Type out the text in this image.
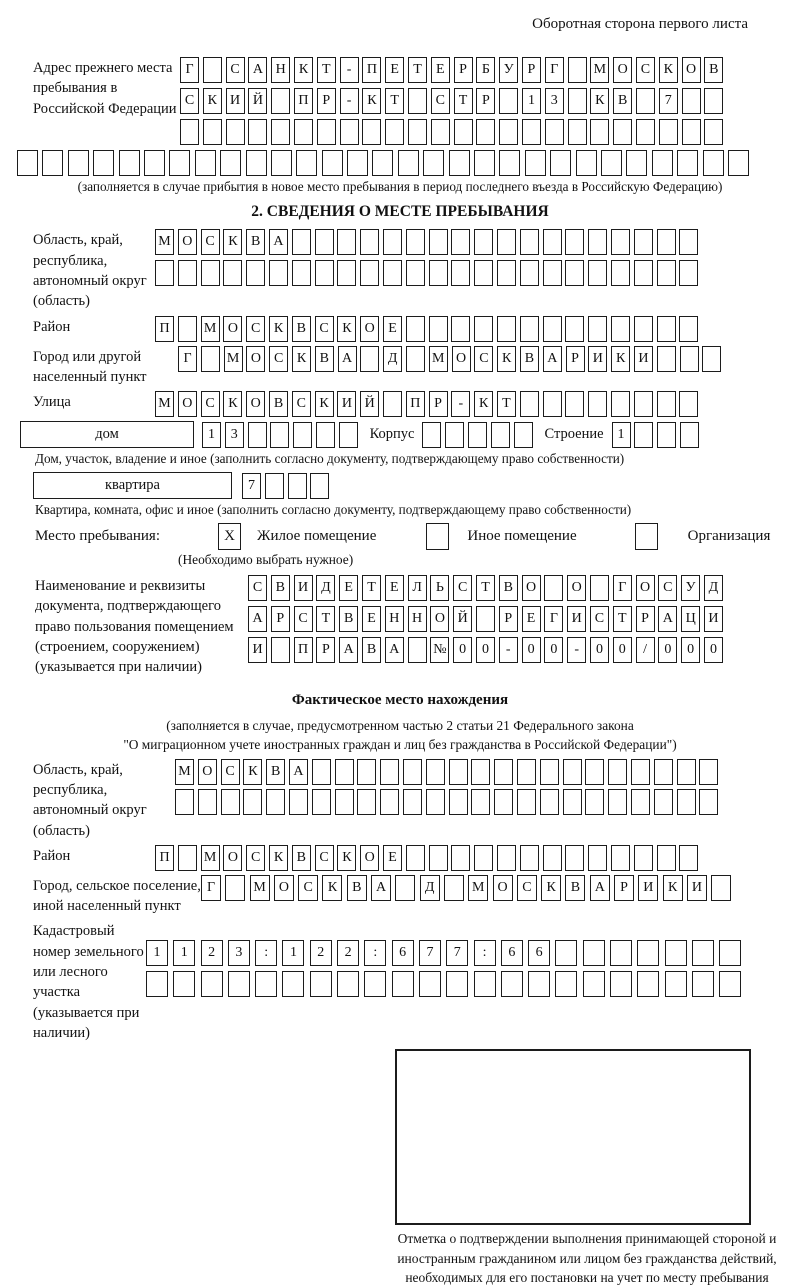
Оборотная сторона первого листа
Адрес прежнего места пребывания в Российской Федерации
Г	С А Н К Т	-	П Е	Т	Е	Р	Б У Р	Г	М О С К О В
С К И Й	П Р	-	К Т	С Т	Р	1	3	К В	7
(заполняется в случае прибытия в новое место пребывания в период последнего въезда в Российскую Федерацию)
2. СВЕДЕНИЯ О МЕСТЕ ПРЕБЫВАНИЯ
Область, край, республика, автономный округ (область)
М О С К В А
Район	П	М О С К В С К О Е
Город или другой населенный пункт
Г	М О С К В А	Д	М О С К В А Р И К И
Улица	М О С К О В С К И Й	П Р	-	К Т
дом	1	3	Корпус	Строение	1
Дом, участок, владение и иное (заполнить согласно документу, подтверждающему право собственности)
квартира	7
Квартира, комната, офис и иное (заполнить согласно документу, подтверждающему право собственности)
Место пребывания:	X	Жилое помещение	Иное помещение	Организация
(Необходимо выбрать нужное)
Наименование и реквизиты документа, подтверждающего право пользования помещением (строением, сооружением) (указывается при наличии)
С В И Д Е	Т	Е Л	Ь	С Т В О	О	Г О С У Д
А Р	С Т В Е Н Н О Й	Р	Е	Г И С Т	Р А Ц И
И	П Р А В А	№ 0	0	-	0	0	-	0	0	/	0	0	0
Фактическое место нахождения
(заполняется в случае, предусмотренном частью 2 статьи 21 Федерального закона
"О миграционном учете иностранных граждан и лиц без гражданства в Российской Федерации")
Область, край, республика, автономный округ (область)
М О С К В А
Район	П	М О С К В С К О Е
Город, сельское поселение, иной населенный пункт
Г	М О	С	К	В	А	Д	М О	С	К	В	А	Р	И	К	И
Кадастровый номер земельного или лесного участка (указывается при наличии)
1	1	2	3	:	1	2	2	:	6	7	7	:	6	6
Отметка о подтверждении выполнения принимающей стороной и иностранным гражданином или лицом без гражданства действий, необходимых для его постановки на учет по месту пребывания
